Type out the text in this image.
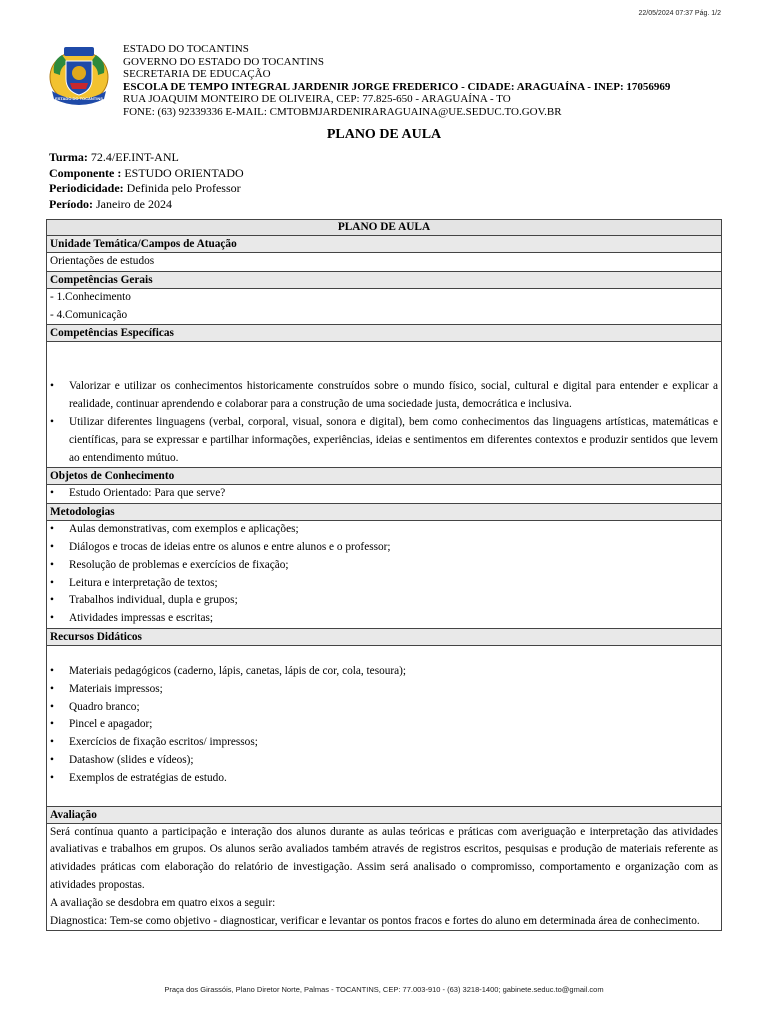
22/05/2024 07:37 Pág. 1/2
ESTADO DO TOCANTINS
ESTADO DO TOCANTINS
GOVERNO DO ESTADO DO TOCANTINS
SECRETARIA DE EDUCAÇÃO
ESCOLA DE TEMPO INTEGRAL JARDENIR JORGE FREDERICO - CIDADE: ARAGUAÍNA - INEP: 17056969
RUA JOAQUIM MONTEIRO DE OLIVEIRA, CEP: 77.825-650 - ARAGUAÍNA - TO
FONE: (63) 92339336 E-MAIL: CMTOBMJARDENIRARAGUAINA@UE.SEDUC.TO.GOV.BR
PLANO DE AULA
Turma: 72.4/EF.INT-ANL
Componente : ESTUDO ORIENTADO
Periodicidade: Definida pelo Professor
Período: Janeiro de 2024
PLANO DE AULA
Unidade Temática/Campos de Atuação

Orientações de estudos

Competências Gerais

- 1.Conhecimento

- 4.Comunicação

Competências Específicas
• Valorizar e utilizar os conhecimentos historicamente construídos sobre o mundo físico, social, cultural e digital para entender e explicar a realidade, continuar aprendendo e colaborar para a construção de uma sociedade justa, democrática e inclusiva.
• Utilizar diferentes linguagens (verbal, corporal, visual, sonora e digital), bem como conhecimentos das linguagens artísticas, matemáticas e científicas, para se expressar e partilhar informações, experiências, ideias e sentimentos em diferentes contextos e produzir sentidos que levem ao entendimento mútuo.
Objetos de Conhecimento
• Estudo Orientado: Para que serve?
Metodologias
• Aulas demonstrativas, com exemplos e aplicações;
• Diálogos e trocas de ideias entre os alunos e entre alunos e o professor;
• Resolução de problemas e exercícios de fixação;
• Leitura e interpretação de textos;
• Trabalhos individual, dupla e grupos;
• Atividades impressas e escritas;
Recursos Didáticos
• Materiais pedagógicos (caderno, lápis, canetas, lápis de cor, cola, tesoura);
• Materiais impressos;
• Quadro branco;
• Pincel e apagador;
• Exercícios de fixação escritos/ impressos;
• Datashow (slides e vídeos);
• Exemplos de estratégias de estudo.
Avaliação

Será contínua quanto a participação e interação dos alunos durante as aulas teóricas e práticas com averiguação e interpretação das atividades avaliativas e trabalhos em grupos. Os alunos serão avaliados também através de registros escritos, pesquisas e produção de materiais referente as atividades práticas com elaboração do relatório de investigação. Assim será analisado o compromisso, comportamento e organização com as atividades propostas.

A avaliação se desdobra em quatro eixos a seguir:

Diagnostica: Tem-se como objetivo - diagnosticar, verificar e levantar os pontos fracos e fortes do aluno em determinada área de conhecimento.

Praça dos Girassóis, Plano Diretor Norte, Palmas - TOCANTINS, CEP: 77.003-910 - (63) 3218-1400; gabinete.seduc.to@gmail.com
